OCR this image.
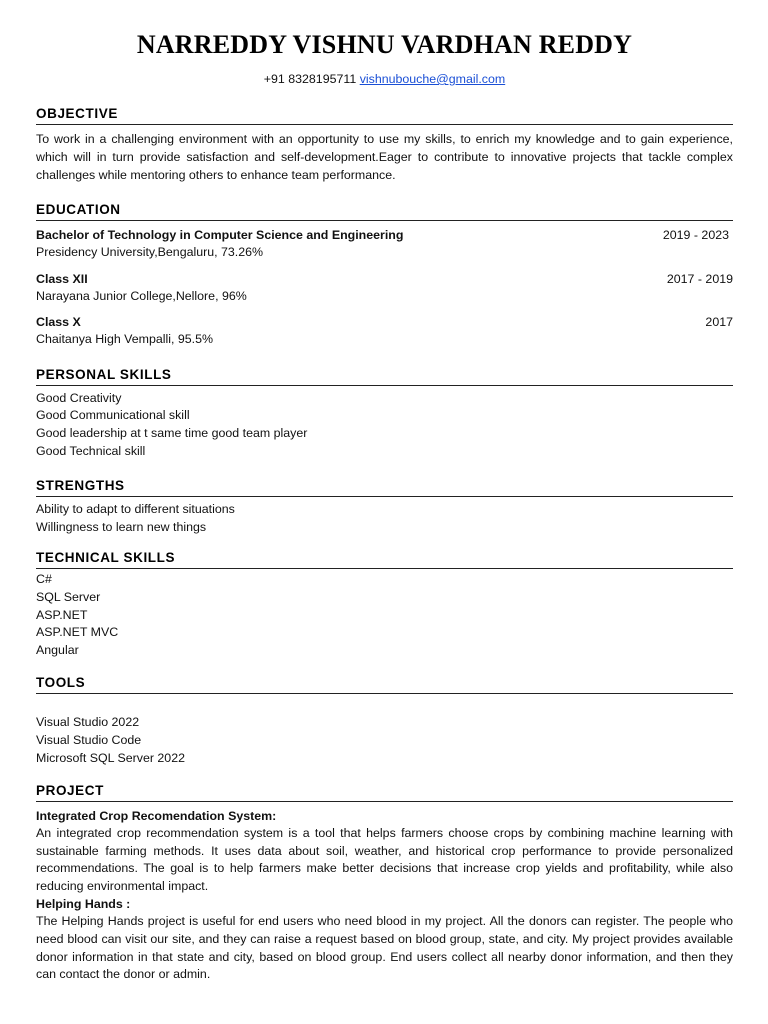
NARREDDY VISHNU VARDHAN REDDY
+91 8328195711 vishnubouche@gmail.com
OBJECTIVE
To work in a challenging environment with an opportunity to use my skills, to enrich my knowledge and to gain experience, which will in turn provide satisfaction and self-development.Eager to contribute to innovative projects that tackle complex challenges while mentoring others to enhance team performance.
EDUCATION
Bachelor of Technology in Computer Science and Engineering	2019 - 2023
Presidency University,Bengaluru, 73.26%
Class XII	2017 - 2019
Narayana Junior College,Nellore, 96%
Class X	2017
Chaitanya High Vempalli, 95.5%
PERSONAL SKILLS
Good Creativity
Good Communicational skill
Good leadership at t same time good team player
Good Technical skill
STRENGTHS
Ability to adapt to different situations
Willingness to learn new things
TECHNICAL SKILLS
C#
SQL Server
ASP.NET
ASP.NET MVC
Angular
TOOLS
Visual Studio 2022
Visual Studio Code
Microsoft SQL Server 2022
PROJECT
Integrated Crop Recomendation System:
An integrated crop recommendation system is a tool that helps farmers choose crops by combining machine learning with sustainable farming methods. It uses data about soil, weather, and historical crop performance to provide personalized recommendations. The goal is to help farmers make better decisions that increase crop yields and profitability, while also reducing environmental impact.
Helping Hands :
The Helping Hands project is useful for end users who need blood in my project. All the donors can register. The people who need blood can visit our site, and they can raise a request based on blood group, state, and city. My project provides available donor information in that state and city, based on blood group. End users collect all nearby donor information, and then they can contact the donor or admin.
